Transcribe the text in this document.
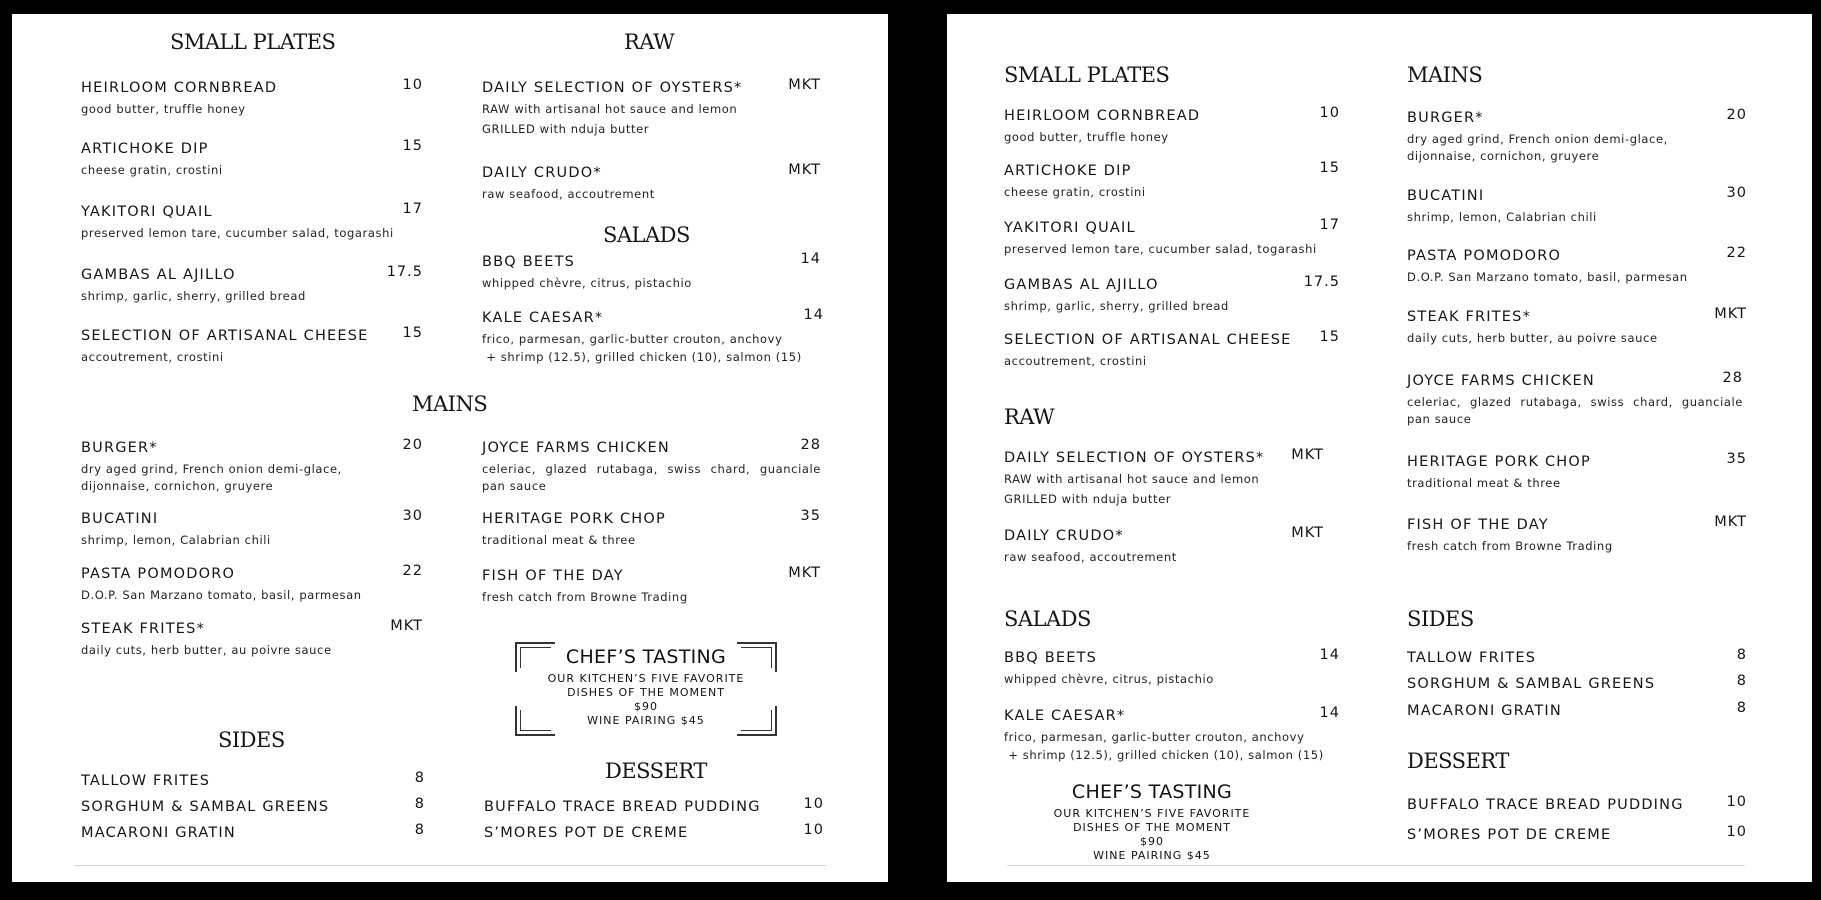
SMALL PLATES
HEIRLOOM CORNBREAD	10
good butter, truffle honey
ARTICHOKE DIP	15
cheese gratin, crostini
YAKITORI QUAIL	17
preserved lemon tare, cucumber salad, togarashi
GAMBAS AL AJILLO	17.5
shrimp, garlic, sherry, grilled bread
SELECTION OF ARTISANAL CHEESE 15
accoutrement, crostini
RAW
DAILY SELECTION OF OYSTERS*	MKT
RAW with artisanal hot sauce and lemon
GRILLED with nduja butter
DAILY CRUDO*	MKT
raw seafood, accoutrement
SALADS
BBQ BEETS	14
whipped chèvre, citrus, pistachio
KALE CAESAR*	14
frico, parmesan, garlic-butter crouton, anchovy
+ shrimp (12.5), grilled chicken (10), salmon (15)
MAINS
BURGER*	20
dry aged grind, French onion demi-glace, dijonnaise, cornichon, gruyere
BUCATINI	30
shrimp, lemon, Calabrian chili
PASTA POMODORO	22
D.O.P. San Marzano tomato, basil, parmesan
STEAK FRITES*	MKT
daily cuts, herb butter, au poivre sauce
JOYCE FARMS CHICKEN	28
celeriac, glazed rutabaga, swiss chard, guanciale pan sauce
HERITAGE PORK CHOP	35
traditional meat & three
FISH OF THE DAY	MKT
fresh catch from Browne Trading
CHEF’S TASTING
OUR KITCHEN’S FIVE FAVORITE
DISHES OF THE MOMENT
$90
WINE PAIRING $45
SIDES
TALLOW FRITES	8
SORGHUM & SAMBAL GREENS	8
MACARONI GRATIN	8
DESSERT
BUFFALO TRACE BREAD PUDDING	10
S’MORES POT DE CREME	10
SMALL PLATES
HEIRLOOM CORNBREAD	10
good butter, truffle honey
ARTICHOKE DIP	15
cheese gratin, crostini
YAKITORI QUAIL	17
preserved lemon tare, cucumber salad, togarashi
GAMBAS AL AJILLO	17.5
shrimp, garlic, sherry, grilled bread
SELECTION OF ARTISANAL CHEESE 15
accoutrement, crostini
RAW
DAILY SELECTION OF OYSTERS* MKT
RAW with artisanal hot sauce and lemon
GRILLED with nduja butter
DAILY CRUDO*	MKT
raw seafood, accoutrement
SALADS
BBQ BEETS	14
whipped chèvre, citrus, pistachio
KALE CAESAR*	14
frico, parmesan, garlic-butter crouton, anchovy
+ shrimp (12.5), grilled chicken (10), salmon (15)
CHEF’S TASTING
OUR KITCHEN’S FIVE FAVORITE
DISHES OF THE MOMENT
$90
WINE PAIRING $45
MAINS
BURGER*	20
dry aged grind, French onion demi-glace, dijonnaise, cornichon, gruyere
BUCATINI	30
shrimp, lemon, Calabrian chili
PASTA POMODORO	22
D.O.P. San Marzano tomato, basil, parmesan
STEAK FRITES*	MKT
daily cuts, herb butter, au poivre sauce
JOYCE FARMS CHICKEN	28
celeriac, glazed rutabaga, swiss chard, guanciale pan sauce
HERITAGE PORK CHOP	35
traditional meat & three
FISH OF THE DAY	MKT
fresh catch from Browne Trading
SIDES
TALLOW FRITES	8
SORGHUM & SAMBAL GREENS	8
MACARONI GRATIN	8
DESSERT
BUFFALO TRACE BREAD PUDDING	10
S’MORES POT DE CREME	10
